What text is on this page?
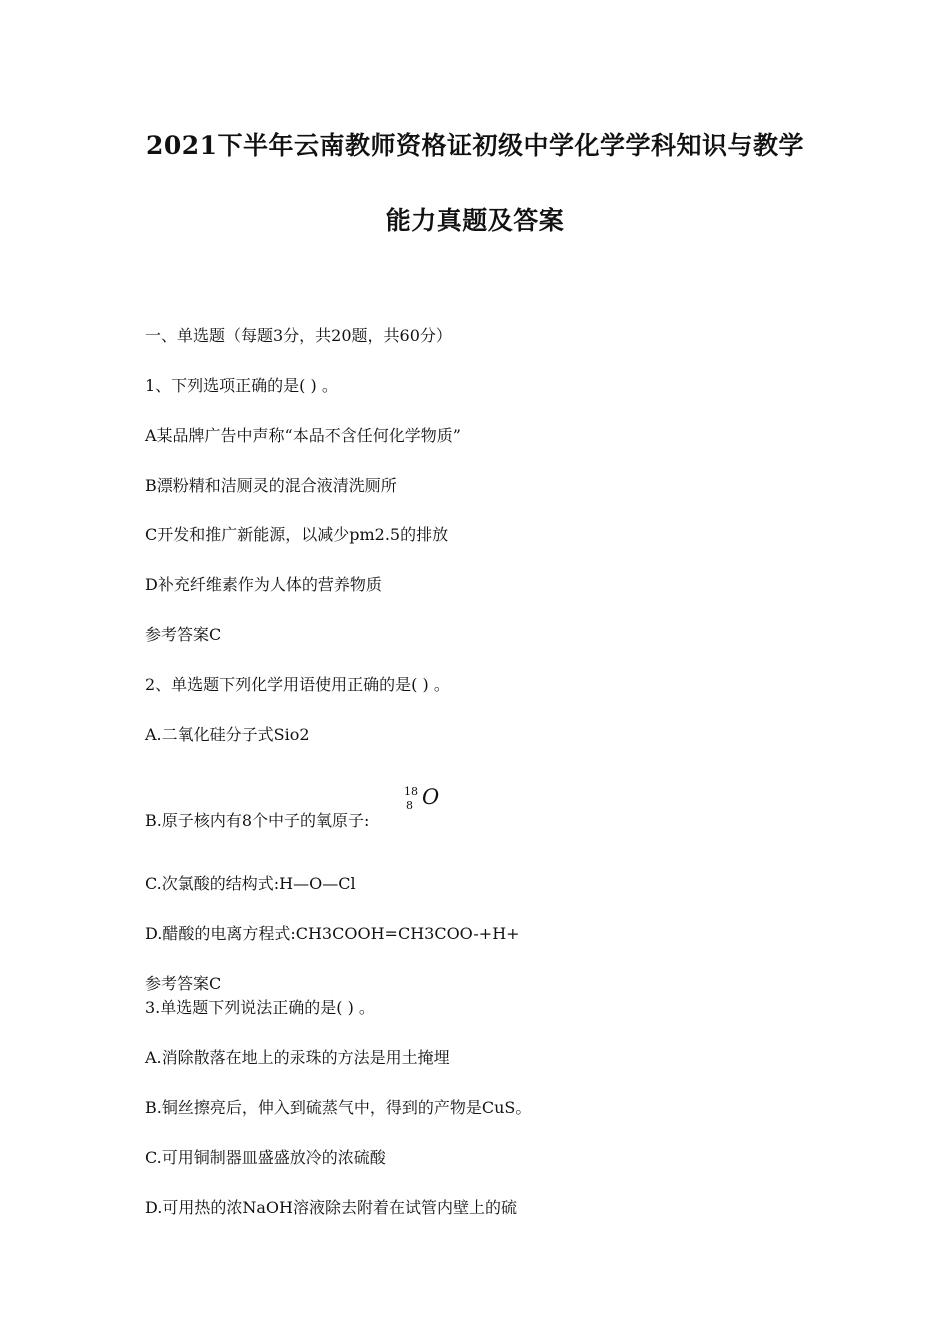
2021下半年云南教师资格证初级中学化学学科知识与教学
能力真题及答案
一、单选题（每题3分，共20题，共60分）
1、下列选项正确的是( ) 。
A某品牌广告中声称“本品不含任何化学物质”
B漂粉精和洁厕灵的混合液清洗厕所
C开发和推广新能源，以减少pm2.5的排放
D补充纤维素作为人体的营养物质
参考答案C
2、单选题下列化学用语使用正确的是( ) 。
A.二氧化硅分子式Sio2
B.原子核内有8个中子的氧原子:
18
8 O
C.次氯酸的结构式:H—O—Cl
D.醋酸的电离方程式:CH3COOH=CH3COO-+H+
参考答案C
3.单选题下列说法正确的是( ) 。
A.消除散落在地上的汞珠的方法是用土掩埋
B.铜丝擦亮后，伸入到硫蒸气中，得到的产物是CuS。
C.可用铜制器皿盛盛放冷的浓硫酸
D.可用热的浓NaOH溶液除去附着在试管内壁上的硫
